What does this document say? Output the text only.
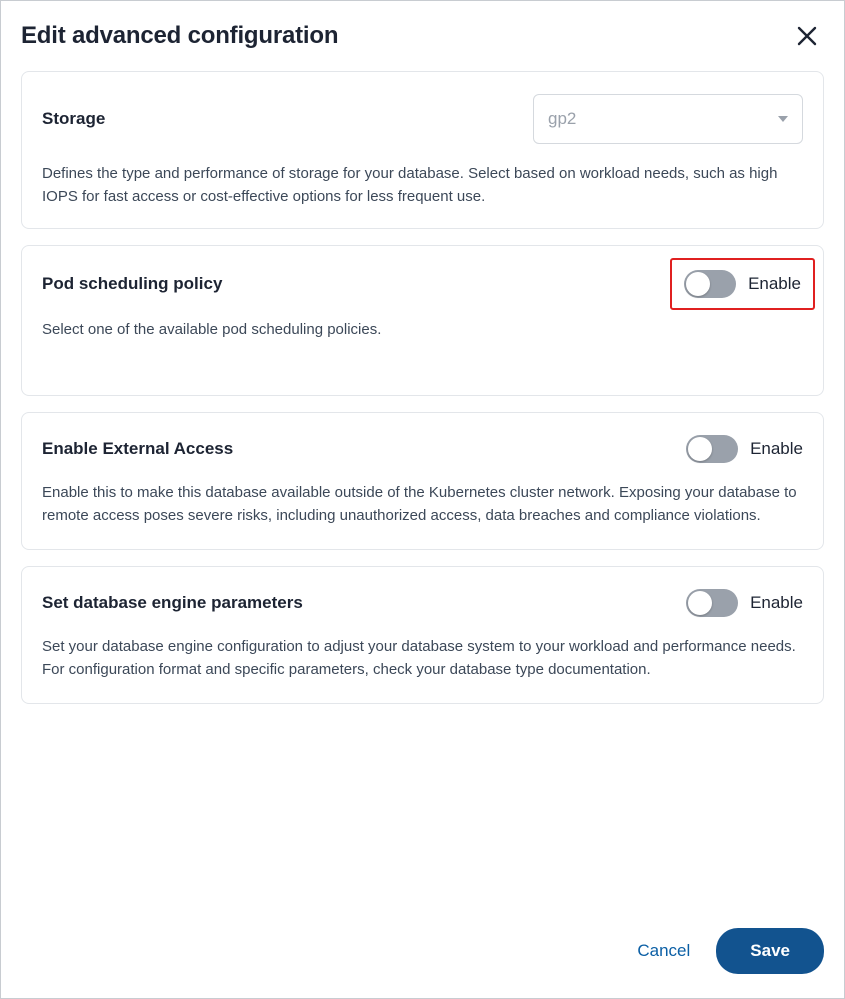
Edit advanced configuration
Storage	gp2
Defines the type and performance of storage for your database. Select based on workload needs, such as high IOPS for fast access or cost-effective options for less frequent use.
Pod scheduling policy	Enable
Select one of the available pod scheduling policies.
Enable External Access	Enable
Enable this to make this database available outside of the Kubernetes cluster network. Exposing your database to remote access poses severe risks, including unauthorized access, data breaches and compliance violations.
Set database engine parameters	Enable
Set your database engine configuration to adjust your database system to your workload and performance needs. For configuration format and specific parameters, check your database type documentation.
Cancel	Save
